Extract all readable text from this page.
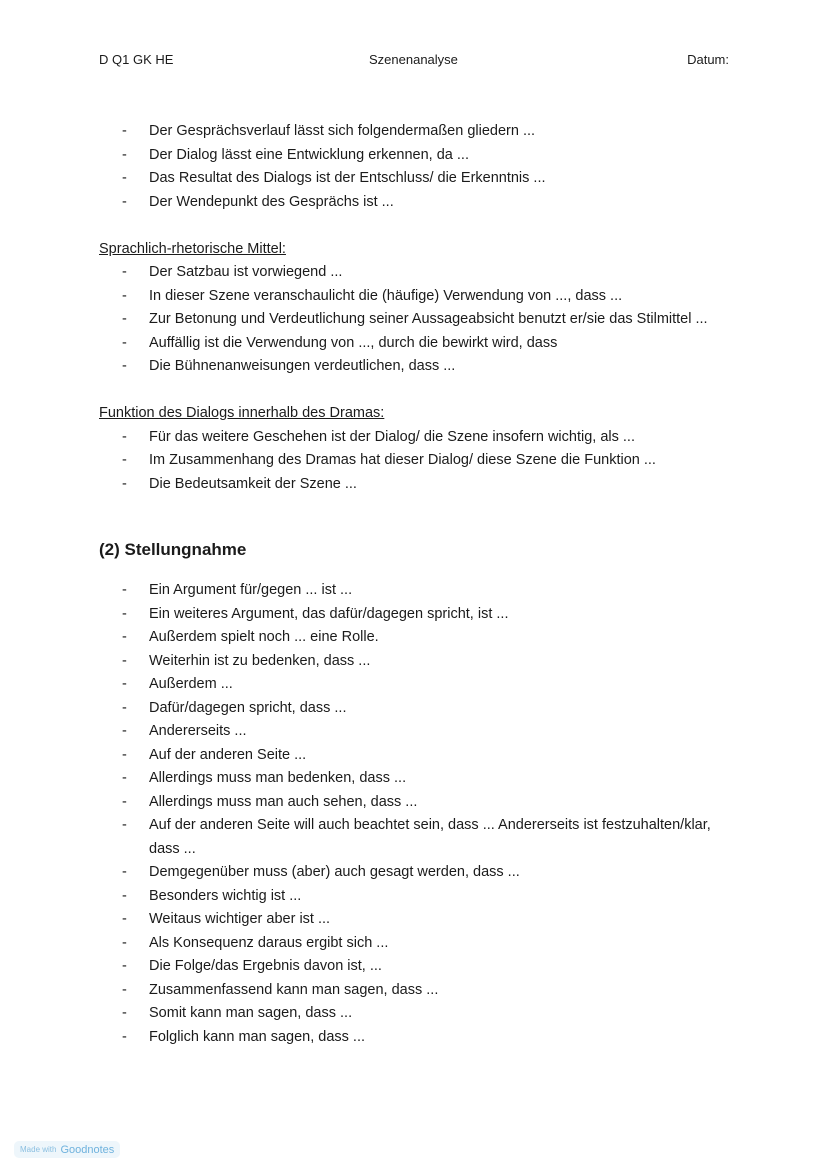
D Q1 GK HE	Szenenanalyse	Datum:
- Der Gesprächsverlauf lässt sich folgendermaßen gliedern ...
- Der Dialog lässt eine Entwicklung erkennen, da ...
- Das Resultat des Dialogs ist der Entschluss/ die Erkenntnis ...
- Der Wendepunkt des Gesprächs ist ...

Sprachlich-rhetorische Mittel:

- Der Satzbau ist vorwiegend ...
- In dieser Szene veranschaulicht die (häufige) Verwendung von ..., dass ...
- Zur Betonung und Verdeutlichung seiner Aussageabsicht benutzt er/sie das Stilmittel ...
- Auffällig ist die Verwendung von ..., durch die bewirkt wird, dass
- Die Bühnenanweisungen verdeutlichen, dass ...

Funktion des Dialogs innerhalb des Dramas:

- Für das weitere Geschehen ist der Dialog/ die Szene insofern wichtig, als ...
- Im Zusammenhang des Dramas hat dieser Dialog/ diese Szene die Funktion ...
- Die Bedeutsamkeit der Szene ...

(2) Stellungnahme

- Ein Argument für/gegen ... ist ...
- Ein weiteres Argument, das dafür/dagegen spricht, ist ...
- Außerdem spielt noch ... eine Rolle.
- Weiterhin ist zu bedenken, dass ...
- Außerdem ...
- Dafür/dagegen spricht, dass ...
- Andererseits ...
- Auf der anderen Seite ...
- Allerdings muss man bedenken, dass ...
- Allerdings muss man auch sehen, dass ...
- Auf der anderen Seite will auch beachtet sein, dass ... Andererseits ist festzuhalten/klar, dass ...
- Demgegenüber muss (aber) auch gesagt werden, dass ...
- Besonders wichtig ist ...
- Weitaus wichtiger aber ist ...
- Als Konsequenz daraus ergibt sich ...
- Die Folge/das Ergebnis davon ist, ...
- Zusammenfassend kann man sagen, dass ...
- Somit kann man sagen, dass ...
- Folglich kann man sagen, dass ...
Made with Goodnotes
